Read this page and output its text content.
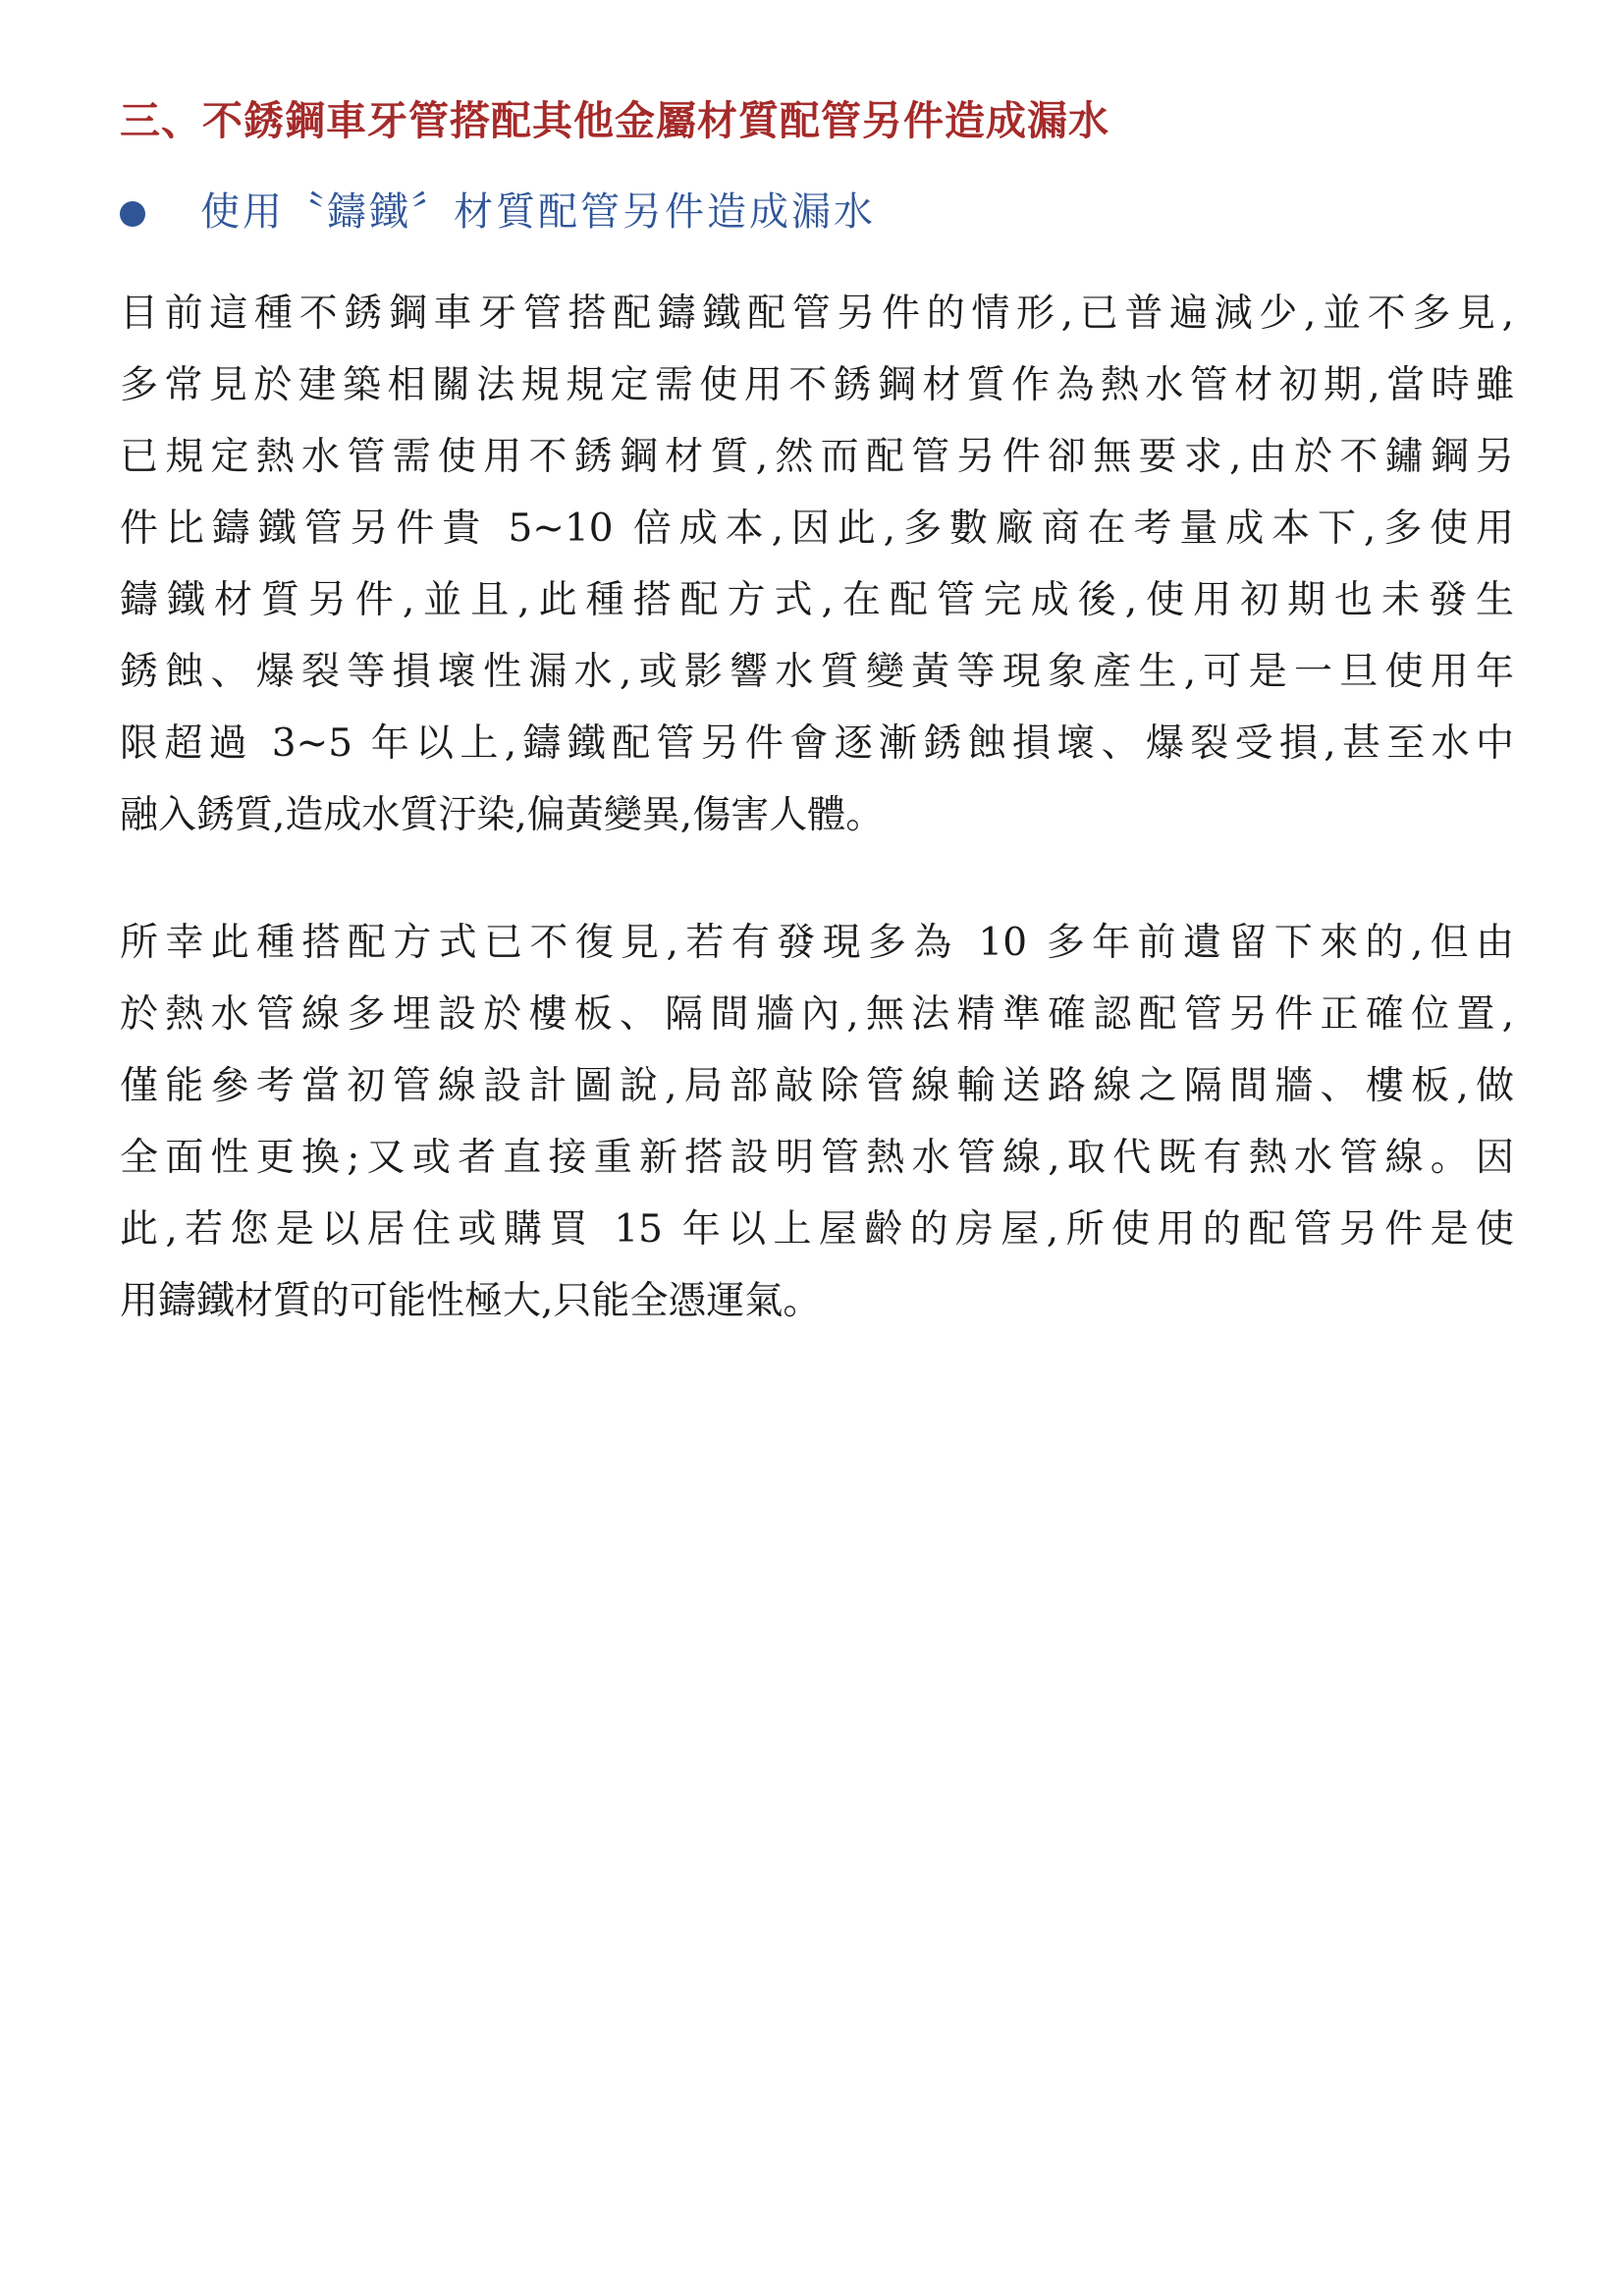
三、不銹鋼車牙管搭配其他金屬材質配管另件造成漏水
使用〝鑄鐵〞材質配管另件造成漏水
目前這種不銹鋼車牙管搭配鑄鐵配管另件的情形,已普遍減少,並不多見,
多常見於建築相關法規規定需使用不銹鋼材質作為熱水管材初期,當時雖
已規定熱水管需使用不銹鋼材質,然而配管另件卻無要求,由於不鏽鋼另
件比鑄鐵管另件貴 5~10 倍成本,因此,多數廠商在考量成本下,多使用
鑄鐵材質另件,並且,此種搭配方式,在配管完成後,使用初期也未發生
銹蝕、爆裂等損壞性漏水,或影響水質變黃等現象產生,可是一旦使用年
限超過 3~5 年以上,鑄鐵配管另件會逐漸銹蝕損壞、爆裂受損,甚至水中
融入銹質,造成水質汙染,偏黃變異,傷害人體。
所幸此種搭配方式已不復見,若有發現多為 10 多年前遺留下來的,但由
於熱水管線多埋設於樓板、隔間牆內,無法精準確認配管另件正確位置,
僅能參考當初管線設計圖說,局部敲除管線輸送路線之隔間牆、樓板,做
全面性更換;又或者直接重新搭設明管熱水管線,取代既有熱水管線。因
此,若您是以居住或購買 15 年以上屋齡的房屋,所使用的配管另件是使
用鑄鐵材質的可能性極大,只能全憑運氣。
